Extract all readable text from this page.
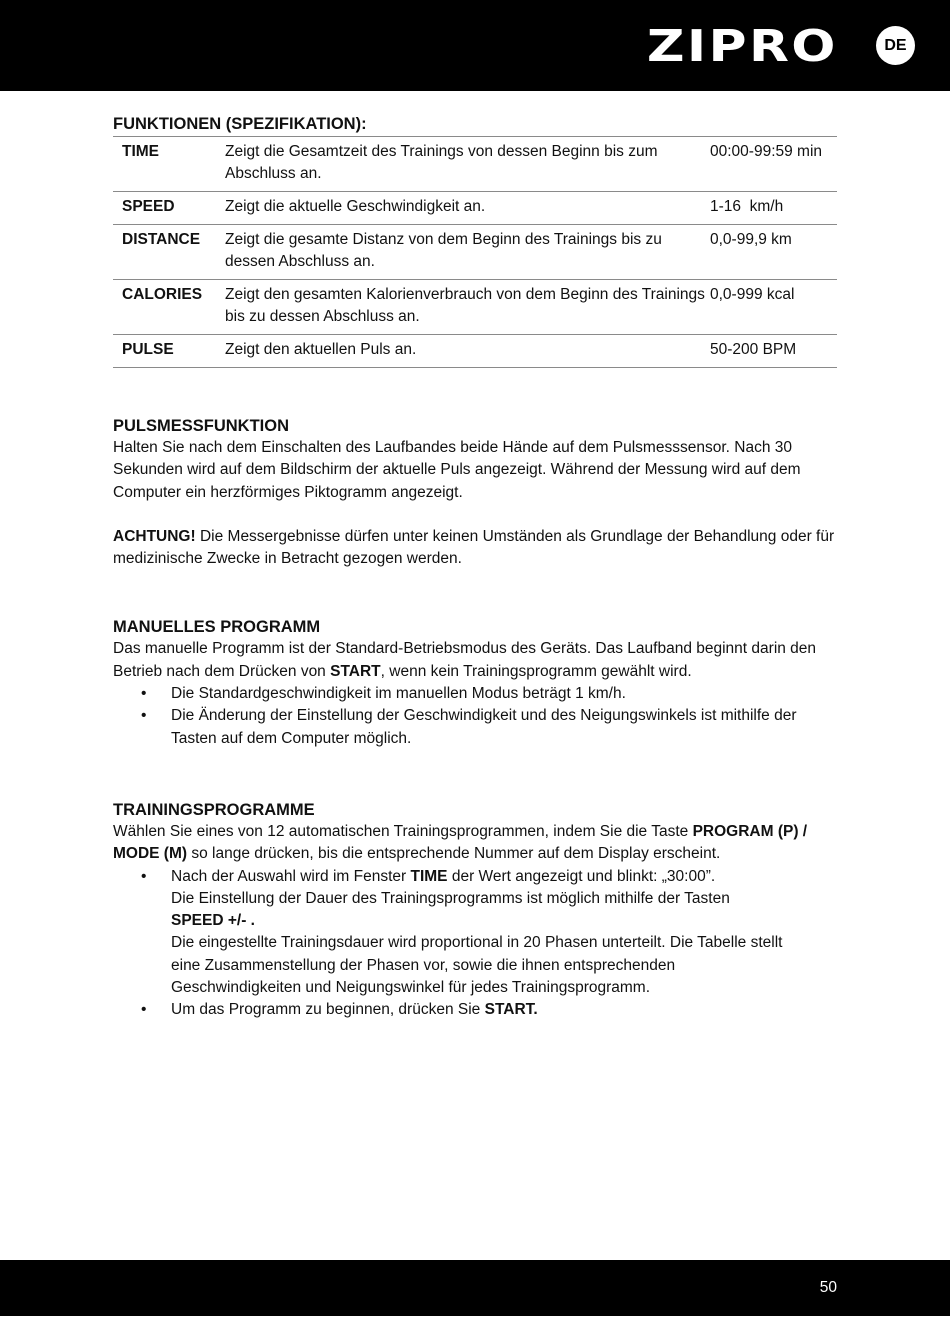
ZIPRO	DE
FUNKTIONEN (SPEZIFIKATION):
TIME	Zeigt die Gesamtzeit des Trainings von dessen Beginn bis zum Abschluss an.	00:00-99:59 min
SPEED	Zeigt die aktuelle Geschwindigkeit an.	1-16  km/h
DISTANCE	Zeigt die gesamte Distanz von dem Beginn des Trainings bis zu dessen Abschluss an.	0,0-99,9 km
CALORIES	Zeigt den gesamten Kalorienverbrauch von dem Beginn des Trainings bis zu dessen Abschluss an.	0,0-999 kcal
PULSE	Zeigt den aktuellen Puls an.	50-200 BPM
PULSMESSFUNKTION

Halten Sie nach dem Einschalten des Laufbandes beide Hände auf dem Pulsmesssensor. Nach 30 Sekunden wird auf dem Bildschirm der aktuelle Puls angezeigt. Während der Messung wird auf dem Computer ein herzförmiges Piktogramm angezeigt.

ACHTUNG! Die Messergebnisse dürfen unter keinen Umständen als Grundlage der Behandlung oder für medizinische Zwecke in Betracht gezogen werden.

MANUELLES PROGRAMM

Das manuelle Programm ist der Standard-Betriebsmodus des Geräts. Das Laufband beginnt darin den Betrieb nach dem Drücken von START, wenn kein Trainingsprogramm gewählt wird.

• Die Standardgeschwindigkeit im manuellen Modus beträgt 1 km/h.
• Die Änderung der Einstellung der Geschwindigkeit und des Neigungswinkels ist mithilfe der Tasten auf dem Computer möglich.
TRAININGSPROGRAMME

Wählen Sie eines von 12 automatischen Trainingsprogrammen, indem Sie die Taste PROGRAM (P) / MODE (M) so lange drücken, bis die entsprechende Nummer auf dem Display erscheint.

• Nach der Auswahl wird im Fenster TIME der Wert angezeigt und blinkt: „30:00”.
Die Einstellung der Dauer des Trainingsprogramms ist möglich mithilfe der Tasten
SPEED +/- .
Die eingestellte Trainingsdauer wird proportional in 20 Phasen unterteilt. Die Tabelle stellt eine Zusammenstellung der Phasen vor, sowie die ihnen entsprechenden Geschwindigkeiten und Neigungswinkel für jedes Trainingsprogramm.
• Um das Programm zu beginnen, drücken Sie START.
50
